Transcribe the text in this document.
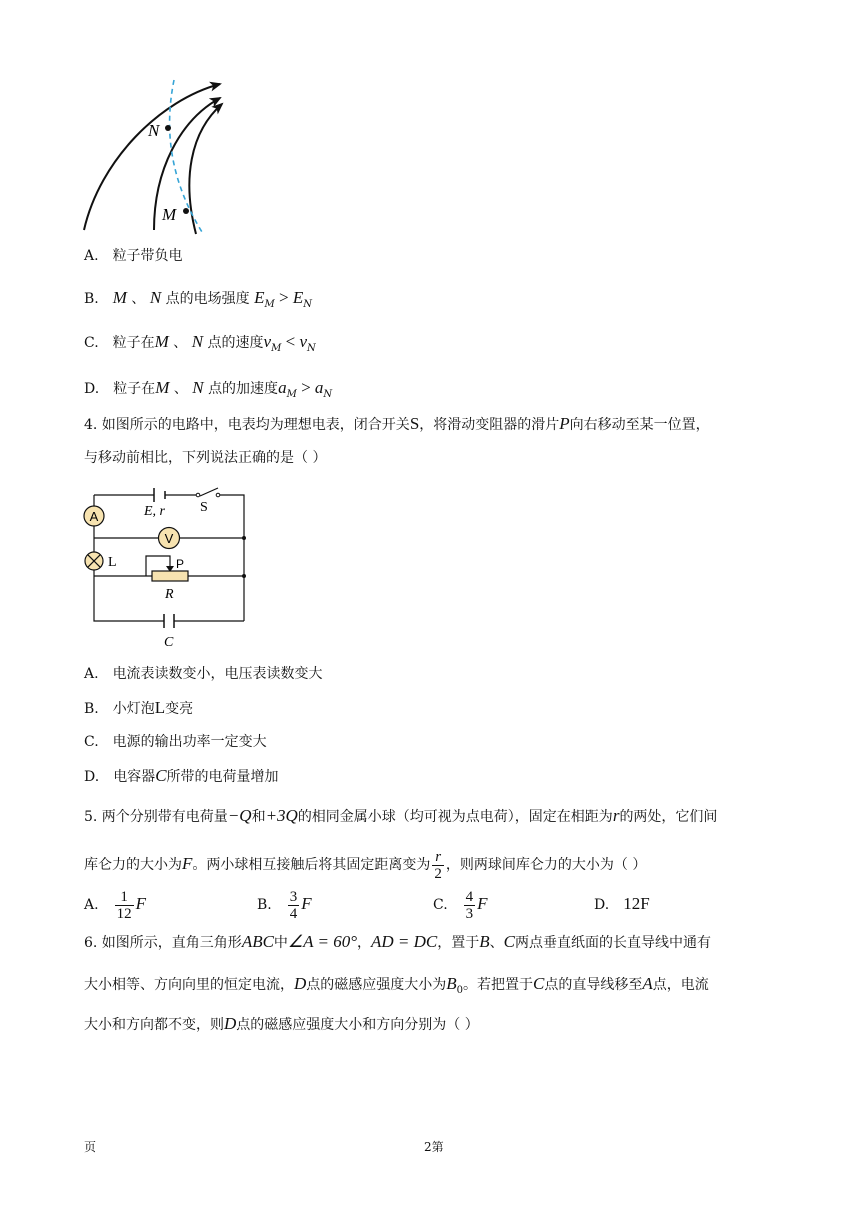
N
M
A. 粒子带负电
B. M 、 N 点的电场强度 $E_M > E_N$
C. 粒子在M 、 N 点的速度$v_M < v_N$
D. 粒子在M 、 N 点的加速度$a_M > a_N$
4. 如图所示的电路中，电表均为理想电表，闭合开关S，将滑动变阻器的滑片P向右移动至某一位置，
与移动前相比，下列说法正确的是（ ）
A
V
E, r	S
L	P
R
C
A. 电流表读数变小，电压表读数变大
B. 小灯泡L变亮
C. 电源的输出功率一定变大
D. 电容器C所带的电荷量增加
5. 两个分别带有电荷量−Q和+3Q的相同金属小球（均可视为点电荷），固定在相距为r的两处，它们间
库仑力的大小为F。两小球相互接触后将其固定距离变为 $\frac{r}{2}$ ，则两球间库仑力的大小为（ ）
A. $\frac{1}{12}$ F	B. $\frac{3}{4}$ F	C. $\frac{4}{3}$ F	D. 12F
6. 如图所示，直角三角形ABC中∠A = 60°，AD = DC，置于B、C两点垂直纸面的长直导线中通有
大小相等、方向向里的恒定电流，D点的磁感应强度大小为$B_0$。若把置于C点的直导线移至A点，电流
大小和方向都不变，则D点的磁感应强度大小和方向分别为（ ）
页	2第
